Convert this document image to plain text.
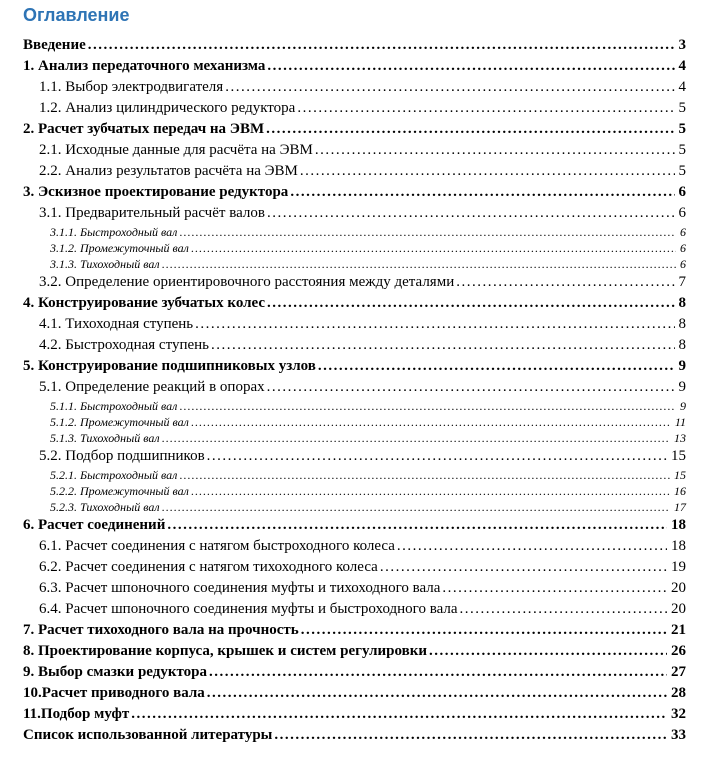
Оглавление
Введение .....	3
1. Анализ передаточного механизма .....	4
1.1. Выбор электродвигателя .....	4
1.2. Анализ цилиндрического редуктора .....	5
2. Расчет зубчатых передач на ЭВМ .....	5
2.1. Исходные данные для расчёта на ЭВМ .....	5
2.2. Анализ результатов расчёта на ЭВМ .....	5
3. Эскизное проектирование редуктора .....	6
3.1. Предварительный расчёт валов .....	6
3.1.1. Быстроходный вал .....	6
3.1.2. Промежуточный вал .....	6
3.1.3. Тихоходный вал .....	6
3.2. Определение ориентировочного расстояния между деталями .....	7
4. Конструирование зубчатых колес .....	8
4.1. Тихоходная ступень .....	8
4.2. Быстроходная ступень .....	8
5. Конструирование подшипниковых узлов .....	9
5.1. Определение реакций в опорах .....	9
5.1.1. Быстроходный вал .....	9
5.1.2. Промежуточный вал .....	11
5.1.3. Тихоходный вал .....	13
5.2. Подбор подшипников .....	15
5.2.1. Быстроходный вал .....	15
5.2.2. Промежуточный вал .....	16
5.2.3. Тихоходный вал .....	17
6. Расчет соединений .....	18
6.1. Расчет соединения с натягом быстроходного колеса .....	18
6.2. Расчет соединения с натягом тихоходного колеса .....	19
6.3. Расчет шпоночного соединения муфты и тихоходного вала .....	20
6.4. Расчет шпоночного соединения муфты и быстроходного вала .....	20
7. Расчет тихоходного вала на прочность .....	21
8. Проектирование корпуса, крышек и систем регулировки .....	26
9. Выбор смазки редуктора .....	27
10.Расчет приводного вала .....	28
11.Подбор муфт .....	32
Список использованной литературы .....	33
